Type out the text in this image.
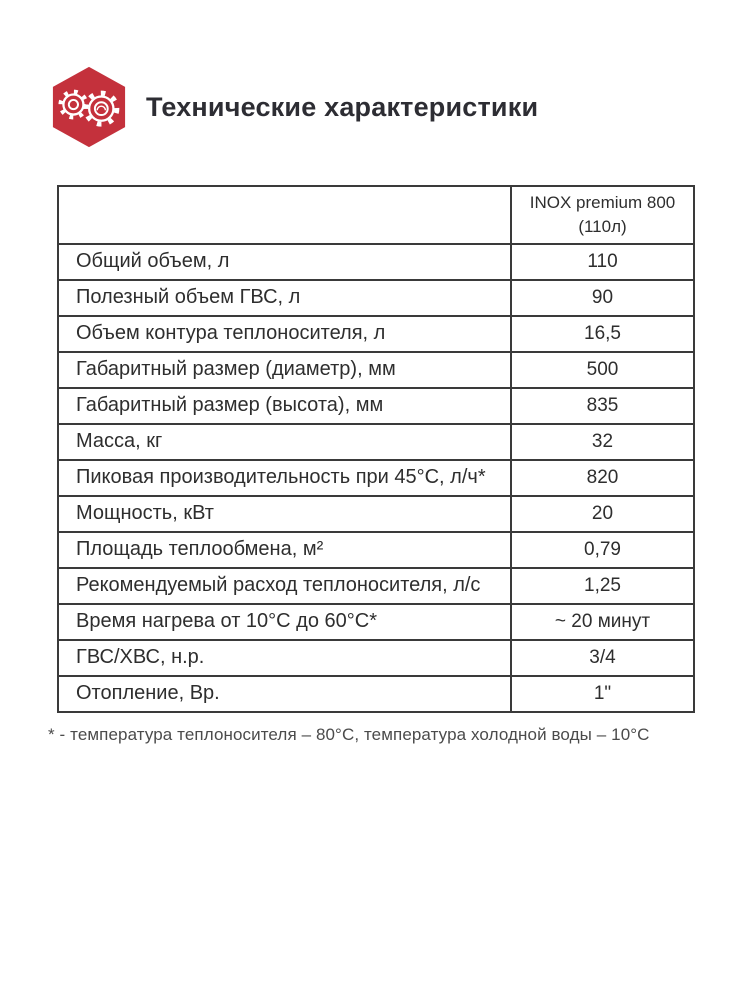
Технические характеристики
	INOX premium 800 (110л)
Общий объем, л	110
Полезный объем ГВС, л	90
Объем контура теплоносителя, л	16,5
Габаритный размер (диаметр), мм	500
Габаритный размер (высота), мм	835
Масса, кг	32
Пиковая производительность при 45°С, л/ч*	820
Мощность, кВт	20
Площадь теплообмена, м²	0,79
Рекомендуемый расход теплоносителя, л/с	1,25
Время нагрева от 10°С до 60°С*	~ 20 минут
ГВС/ХВС, н.р.	3/4
Отопление, Вр.	1"

* - температура теплоносителя – 80°С, температура холодной воды – 10°С
